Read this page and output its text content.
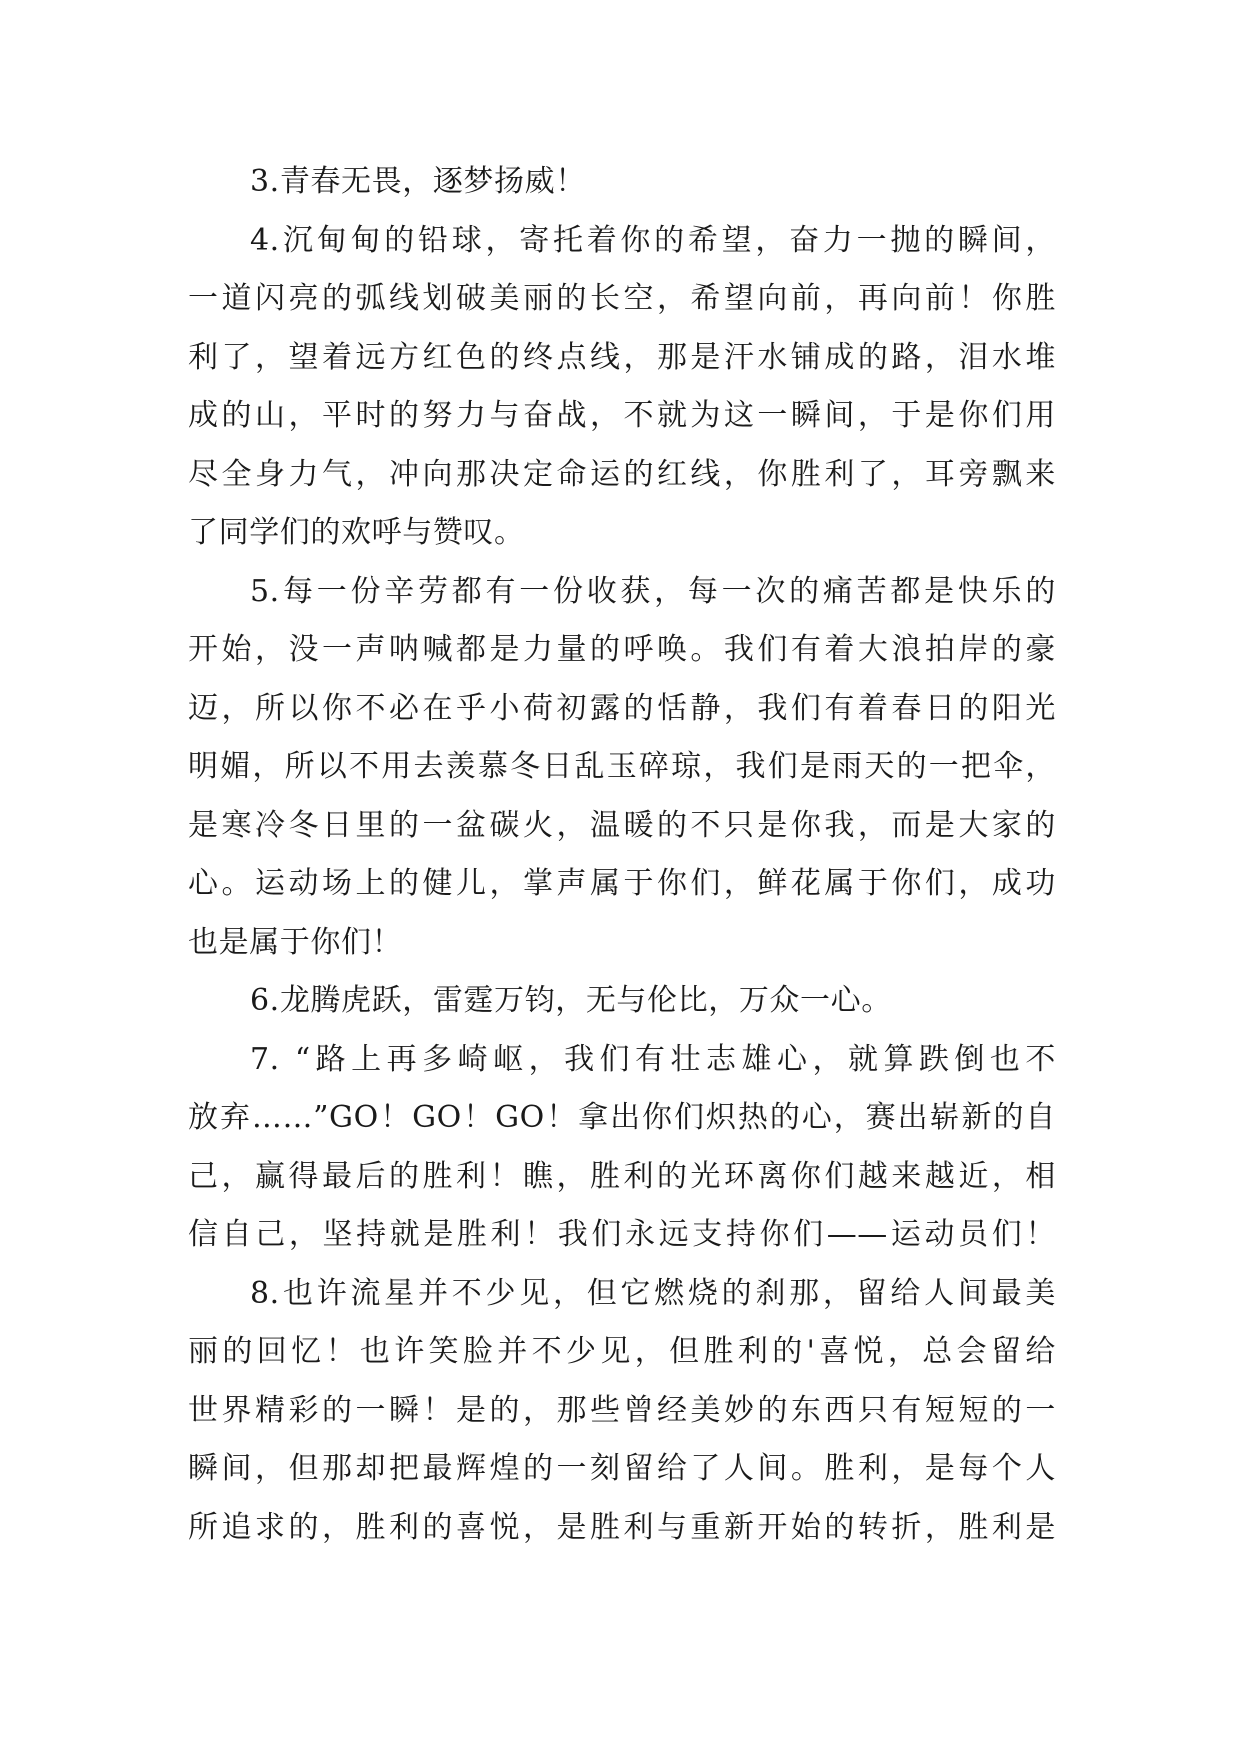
3.青春无畏，逐梦扬威！

4.沉甸甸的铅球，寄托着你的希望，奋力一抛的瞬间，
一道闪亮的弧线划破美丽的长空，希望向前，再向前！你胜
利了，望着远方红色的终点线，那是汗水铺成的路，泪水堆
成的山，平时的努力与奋战，不就为这一瞬间，于是你们用
尽全身力气，冲向那决定命运的红线，你胜利了，耳旁飘来
了同学们的欢呼与赞叹。

5.每一份辛劳都有一份收获，每一次的痛苦都是快乐的
开始，没一声呐喊都是力量的呼唤。我们有着大浪拍岸的豪
迈，所以你不必在乎小荷初露的恬静，我们有着春日的阳光
明媚，所以不用去羡慕冬日乱玉碎琼，我们是雨天的一把伞，
是寒冷冬日里的一盆碳火，温暖的不只是你我，而是大家的
心。运动场上的健儿，掌声属于你们，鲜花属于你们，成功
也是属于你们！

6.龙腾虎跃，雷霆万钧，无与伦比，万众一心。

7. “路上再多崎岖，我们有壮志雄心，就算跌倒也不
放弃……”GO！GO！GO！拿出你们炽热的心，赛出崭新的自
己，赢得最后的胜利！瞧，胜利的光环离你们越来越近，相
信自己，坚持就是胜利！我们永远支持你们——运动员们！

8.也许流星并不少见，但它燃烧的刹那，留给人间最美
丽的回忆！也许笑脸并不少见，但胜利的'喜悦，总会留给
世界精彩的一瞬！是的，那些曾经美妙的东西只有短短的一
瞬间，但那却把最辉煌的一刻留给了人间。胜利，是每个人
所追求的，胜利的喜悦，是胜利与重新开始的转折，胜利是
